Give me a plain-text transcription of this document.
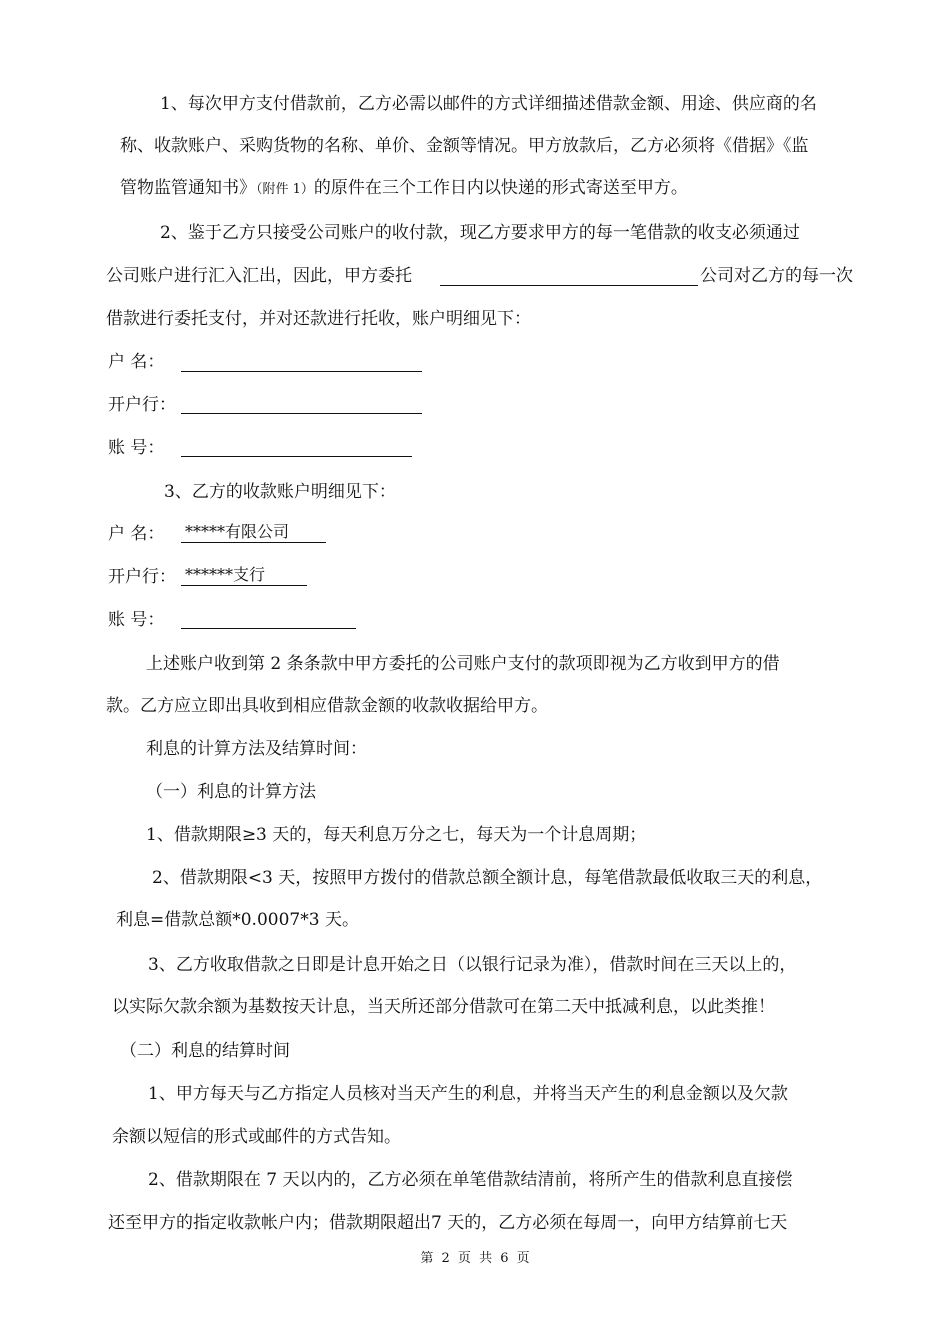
1、每次甲方支付借款前，乙方必需以邮件的方式详细描述借款金额、用途、供应商的名
称、收款账户、采购货物的名称、单价、金额等情况。甲方放款后，乙方必须将《借据》《监
管物监管通知书》（附件 1）的原件在三个工作日内以快递的形式寄送至甲方。
2、鉴于乙方只接受公司账户的收付款，现乙方要求甲方的每一笔借款的收支必须通过
公司账户进行汇入汇出，因此，甲方委托	公司对乙方的每一次
借款进行委托支付，并对还款进行托收，账户明细见下：
户 名：
开户行：
账 号：
3、乙方的收款账户明细见下：
户 名： *****有限公司
开户行： ******支行
账 号：
上述账户收到第 2 条条款中甲方委托的公司账户支付的款项即视为乙方收到甲方的借
款。乙方应立即出具收到相应借款金额的收款收据给甲方。
利息的计算方法及结算时间：
（一）利息的计算方法
1、借款期限≥3 天的，每天利息万分之七，每天为一个计息周期；
2、借款期限<3 天，按照甲方拨付的借款总额全额计息，每笔借款最低收取三天的利息，
利息=借款总额*0.0007*3 天。
3、乙方收取借款之日即是计息开始之日（以银行记录为准），借款时间在三天以上的，
以实际欠款余额为基数按天计息，当天所还部分借款可在第二天中抵减利息，以此类推！
（二）利息的结算时间
1、甲方每天与乙方指定人员核对当天产生的利息，并将当天产生的利息金额以及欠款
余额以短信的形式或邮件的方式告知。
2、借款期限在 7 天以内的，乙方必须在单笔借款结清前，将所产生的借款利息直接偿
还至甲方的指定收款帐户内；借款期限超出7 天的，乙方必须在每周一，向甲方结算前七天
第 2 页 共 6 页
